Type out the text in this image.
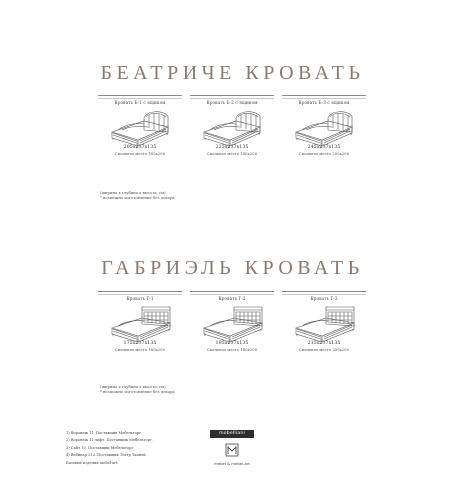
БЕАТРИЧЕ КРОВАТЬ
Кровать Б-1 с ящиком
205x237x135
Спальное место 160x200
Кровать Б-2 с ящиком
225x237x135
Спальное место 180x200
Кровать Б-3 с ящиком
245x237x135
Спальное место 200x200
(ширина x глубина x высота, см)
* возможно изготовление без декора
ГАБРИЭЛЬ КРОВАТЬ
Кровать Г-1
175x237x135
Спальное место 160x200
Кровать Г-2
195x237x135
Спальное место 180x200
Кровать Г-3
215x237x135
Спальное место 200x200
(ширина x глубина x высота, см)
* возможно изготовление без декора
1) Воронеж 11. Поставщик Мебельторг.
2) Воронеж 11 лифт. Поставщик Мебельторг.
3) Сайт 10. Поставщик Мебельторг.
4) Вебинар 212. Поставщик Театр Тканей.
Базовые изделия mebel-art.
mobelliani
mebel & mebel-art
